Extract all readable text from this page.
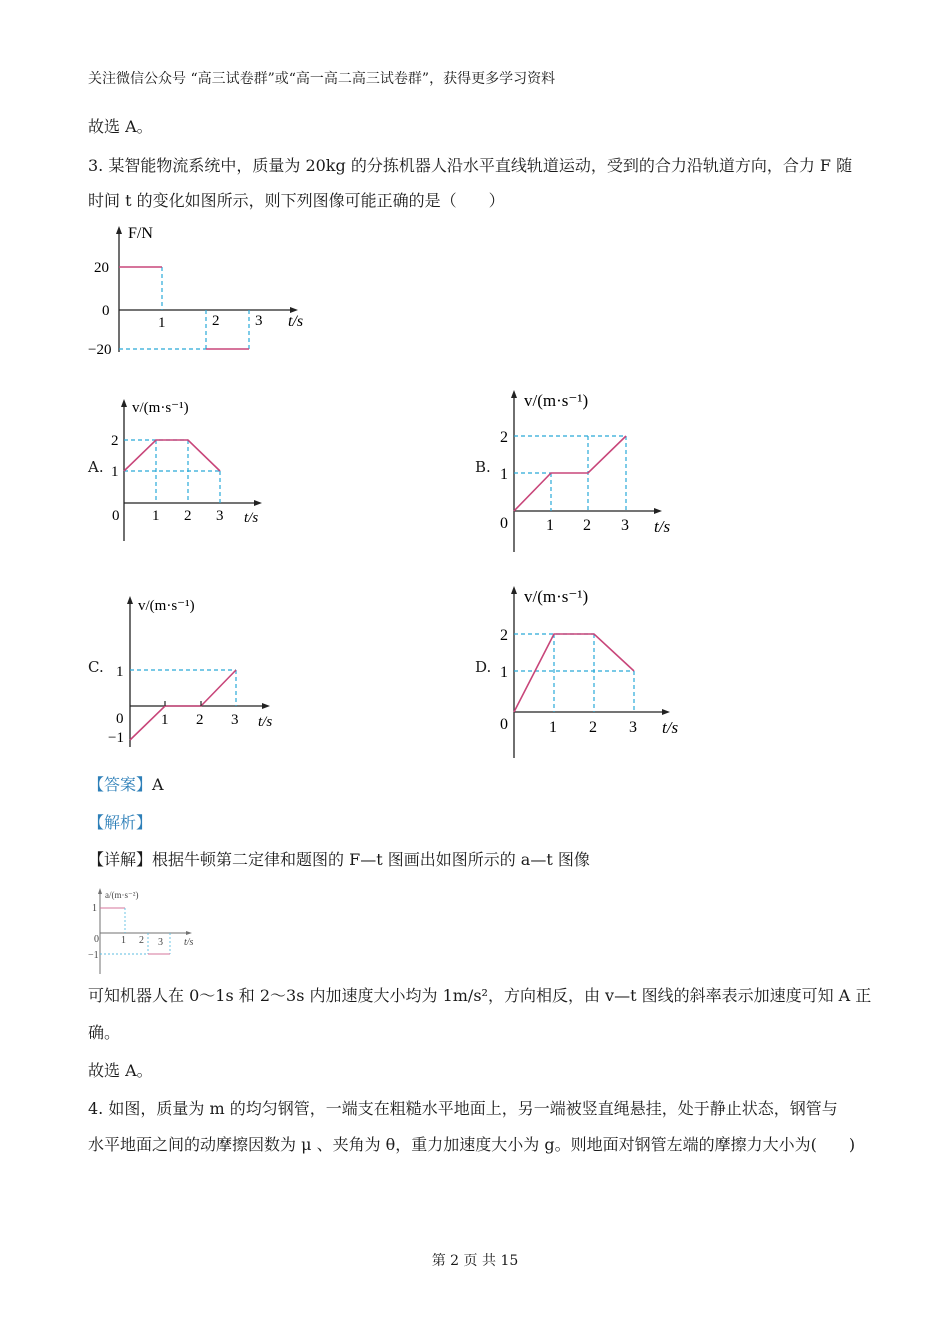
关注微信公众号 “高三试卷群”或“高一高二高三试卷群”，获得更多学习资料
故选 A。
3. 某智能物流系统中，质量为 20kg 的分拣机器人沿水平直线轨道运动，受到的合力沿轨道方向，合力 F 随
时间 t 的变化如图所示，则下列图像可能正确的是（　　）
F/N
t/s
20
0
−20
1	2 3
A.
v/(m·s⁻¹)
2
1
0 1 2 3 t/s
B.
v/(m·s⁻¹)
2
1
0 1 2 3 t/s
C.
v/(m·s⁻¹)
1
−1
0	1 2 3 t/s
D.
v/(m·s⁻¹)
2
1
0	1 2 3 t/s
【答案】A
【解析】
【详解】根据牛顿第二定律和题图的 F—t 图画出如图所示的 a—t 图像
a/(m·s⁻²)
1
0
−1
1 2 3 t/s
可知机器人在 0～1s 和 2～3s 内加速度大小均为 1m/s²，方向相反，由 v—t 图线的斜率表示加速度可知 A 正
确。
故选 A。
4. 如图，质量为 m 的均匀钢管，一端支在粗糙水平地面上，另一端被竖直绳悬挂，处于静止状态，钢管与
水平地面之间的动摩擦因数为 μ 、夹角为 θ，重力加速度大小为 g。则地面对钢管左端的摩擦力大小为(　　)
第 2 页 共 15
